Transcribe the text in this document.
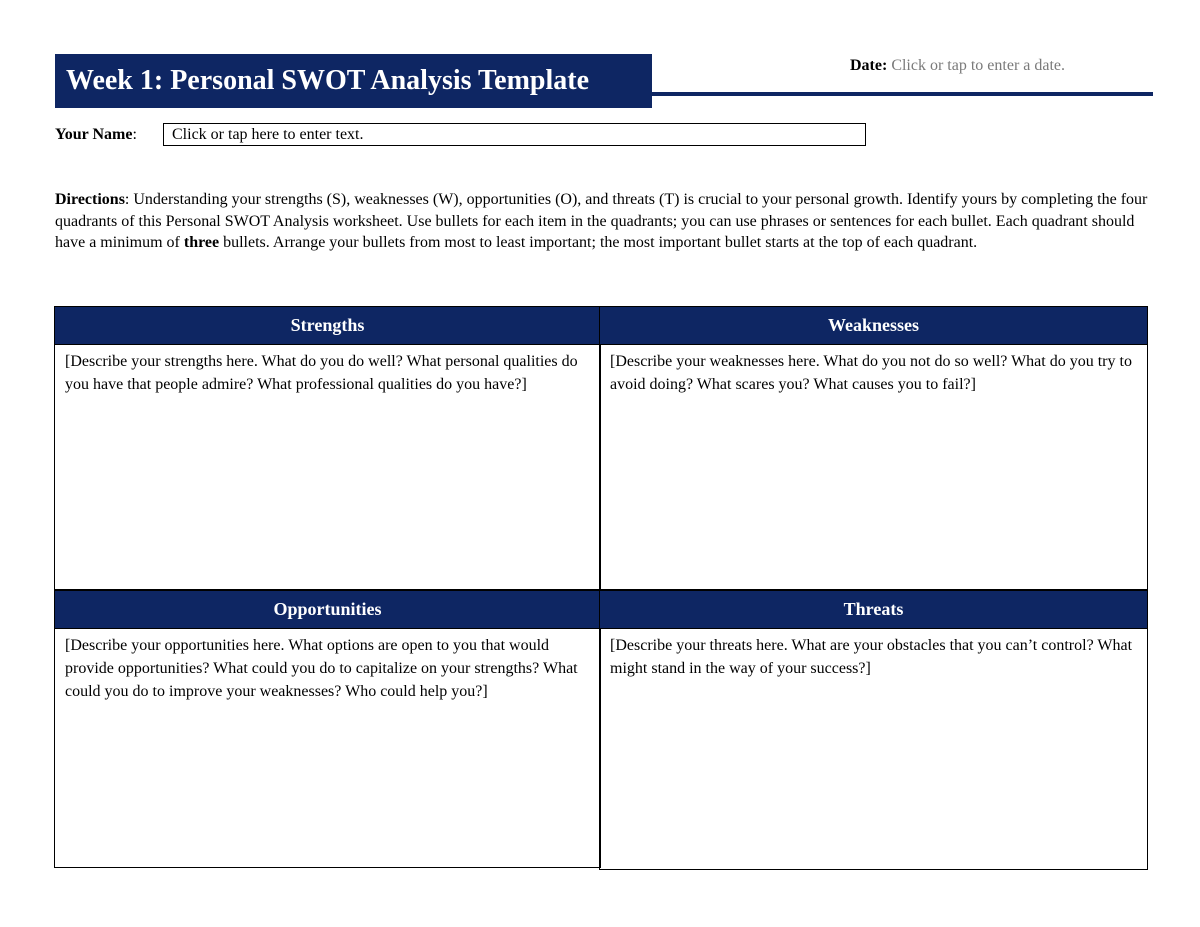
Week 1: Personal SWOT Analysis Template	Date: Click or tap to enter a date.
Your Name:	Click or tap here to enter text.
Directions: Understanding your strengths (S), weaknesses (W), opportunities (O), and threats (T) is crucial to your personal growth. Identify yours by completing the four quadrants of this Personal SWOT Analysis worksheet. Use bullets for each item in the quadrants; you can use phrases or sentences for each bullet. Each quadrant should have a minimum of three bullets. Arrange your bullets from most to least important; the most important bullet starts at the top of each quadrant.
Strengths
[Describe your strengths here. What do you do well? What personal qualities do you have that people admire? What professional qualities do you have?]
Weaknesses
[Describe your weaknesses here. What do you not do so well? What do you try to avoid doing? What scares you? What causes you to fail?]
Opportunities
[Describe your opportunities here. What options are open to you that would provide opportunities? What could you do to capitalize on your strengths? What could you do to improve your weaknesses? Who could help you?]
Threats
[Describe your threats here. What are your obstacles that you can’t control? What might stand in the way of your success?]
